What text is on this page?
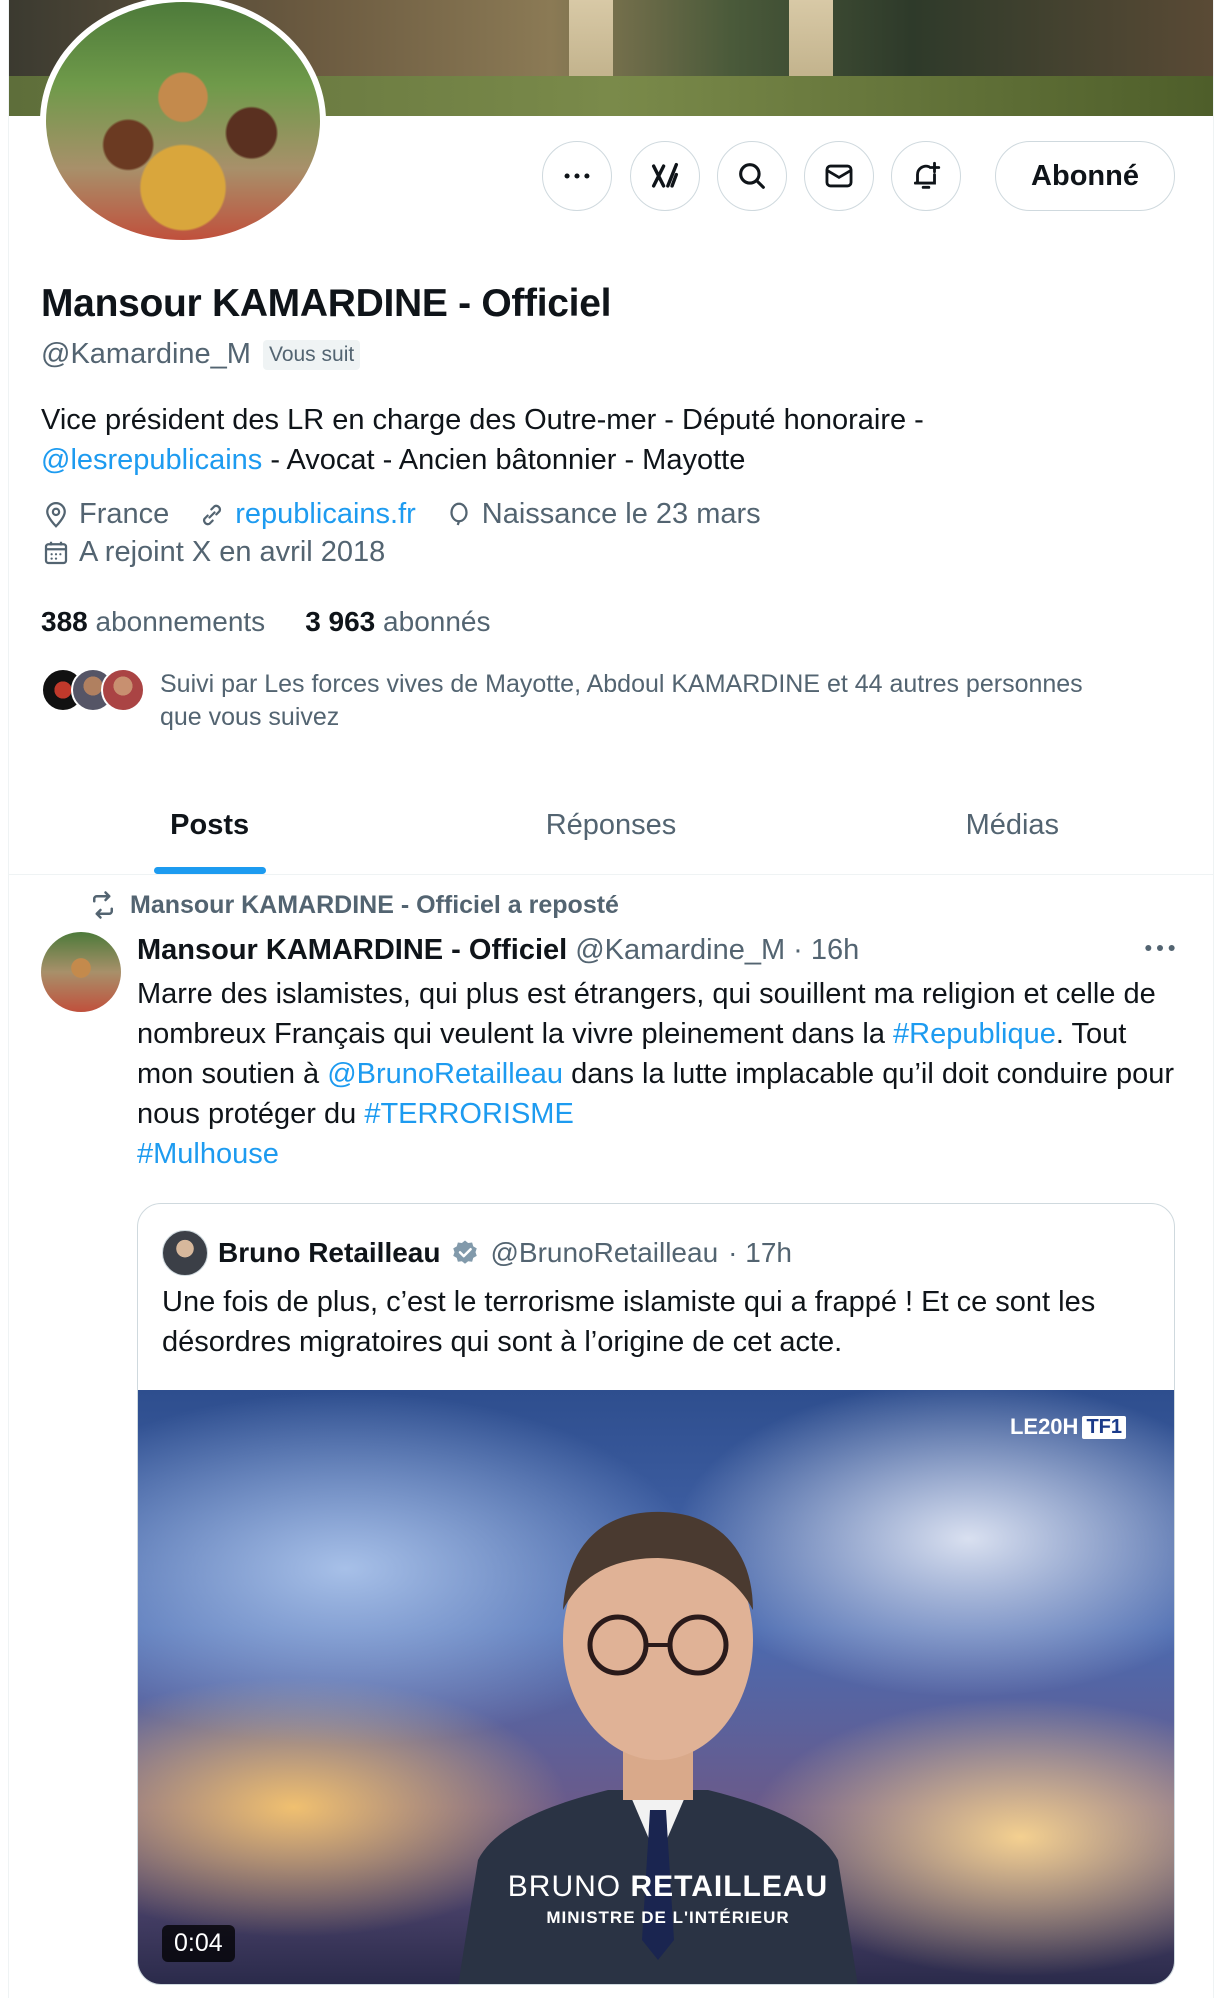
Abonné
Mansour KAMARDINE - Officiel
@Kamardine_M Vous suit
Vice président des LR en charge des Outre-mer - Député honoraire -
@lesrepublicains - Avocat - Ancien bâtonnier - Mayotte
France republicains.fr Naissance le 23 mars
A rejoint X en avril 2018
388 abonnements 3 963 abonnés
Suivi par Les forces vives de Mayotte, Abdoul KAMARDINE et 44 autres personnes
que vous suivez
Posts	Réponses	Médias
Mansour KAMARDINE - Officiel a reposté
Mansour KAMARDINE - Officiel @Kamardine_M · 16h
Marre des islamistes, qui plus est étrangers, qui souillent ma religion et celle de nombreux Français qui veulent la vivre pleinement dans la #Republique. Tout mon soutien à @BrunoRetailleau dans la lutte implacable qu’il doit conduire pour nous protéger du #TERRORISME
#Mulhouse
Bruno Retailleau @BrunoRetailleau · 17h
Une fois de plus, c’est le terrorisme islamiste qui a frappé ! Et ce sont les désordres migratoires qui sont à l’origine de cet acte.
LE20H TF1
BRUNO RETAILLEAU
MINISTRE DE L'INTÉRIEUR
0:04
